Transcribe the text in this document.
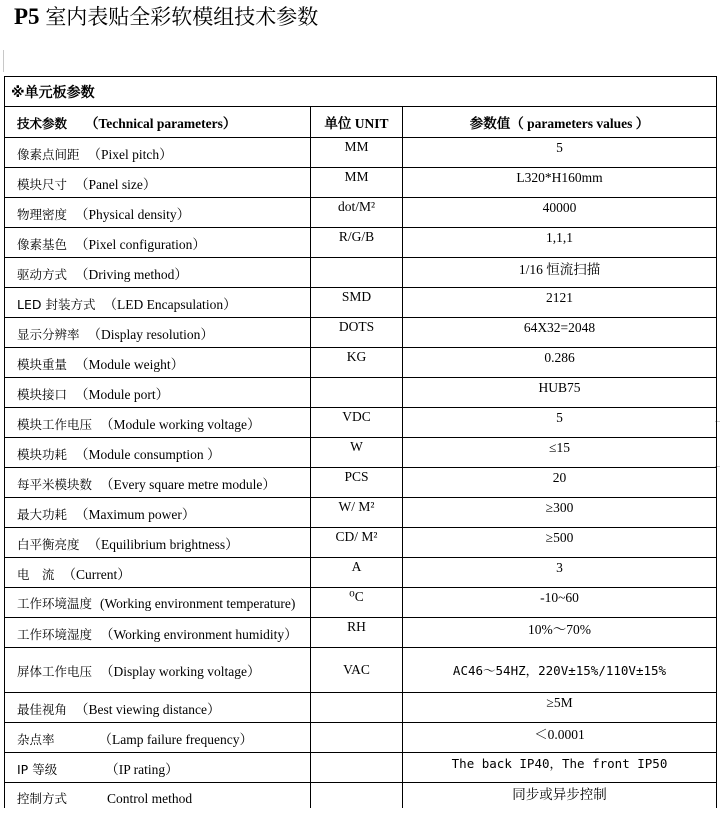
P5 室内表贴全彩软模组技术参数
※单元板参数		
技术参数 （Technical parameters）	单位 UNIT	参数值（ parameters values ）
像素点间距 （Pixel pitch）	MM	5
模块尺寸 （Panel size）	MM	L320*H160mm
物理密度 （Physical density）	dot/M²	40000
像素基色 （Pixel configuration）	R/G/B	1,1,1
驱动方式 （Driving method）		1/16 恒流扫描
LED 封装方式 （LED Encapsulation）	SMD	2121
显示分辨率 （Display resolution）	DOTS	64X32=2048
模块重量 （Module weight）	KG	0.286
模块接口 （Module port）		HUB75
模块工作电压 （Module working voltage）	VDC	5
模块功耗 （Module consumption ）	W	≤15
每平米模块数 （Every square metre module）	PCS	20
最大功耗 （Maximum power）	W/ M²	≥300
白平衡亮度 （Equilibrium brightness）	CD/ M²	≥500
电　流 （Current）	A	3
工作环境温度 (Working environment temperature)	⁰C	-10~60
工作环境湿度 （Working environment humidity）	RH	10%～70%
屏体工作电压 （Display working voltage）	VAC	AC46～54HZ，220V±15%/110V±15%
最佳视角 （Best viewing distance）		≥5M
杂点率 （Lamp failure frequency）		＜0.0001
IP 等级 （IP rating）		The back IP40，The front IP50
控制方式 Control method		同步或异步控制
